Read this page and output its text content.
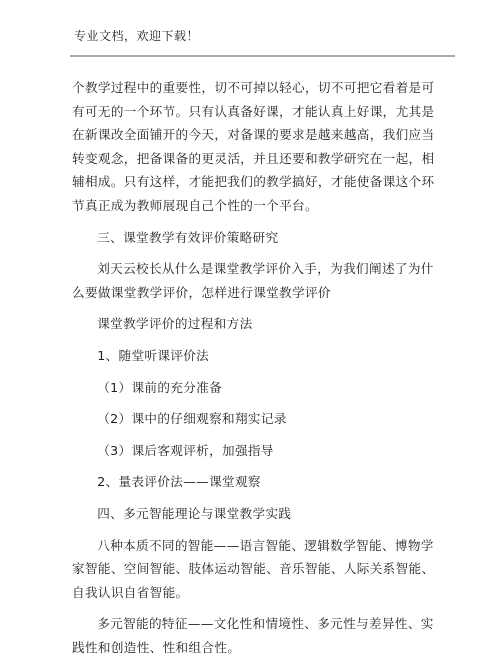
专业文档，欢迎下载！

个教学过程中的重要性，切不可掉以轻心，切不可把它看着是可有可无的一个环节。只有认真备好课，才能认真上好课，尤其是在新课改全面铺开的今天，对备课的要求是越来越高，我们应当转变观念，把备课备的更灵活，并且还要和教学研究在一起，相辅相成。只有这样，才能把我们的教学搞好，才能使备课这个环节真正成为教师展现自己个性的一个平台。

三、课堂教学有效评价策略研究

刘天云校长从什么是课堂教学评价入手，为我们阐述了为什么要做课堂教学评价，怎样进行课堂教学评价

课堂教学评价的过程和方法

1、随堂听课评价法

（1）课前的充分准备

（2）课中的仔细观察和翔实记录

（3）课后客观评析，加强指导

2、量表评价法——课堂观察

四、多元智能理论与课堂教学实践

八种本质不同的智能——语言智能、逻辑数学智能、博物学家智能、空间智能、肢体运动智能、音乐智能、人际关系智能、自我认识自省智能。

多元智能的特征——文化性和情境性、多元性与差异性、实践性和创造性、性和组合性。
